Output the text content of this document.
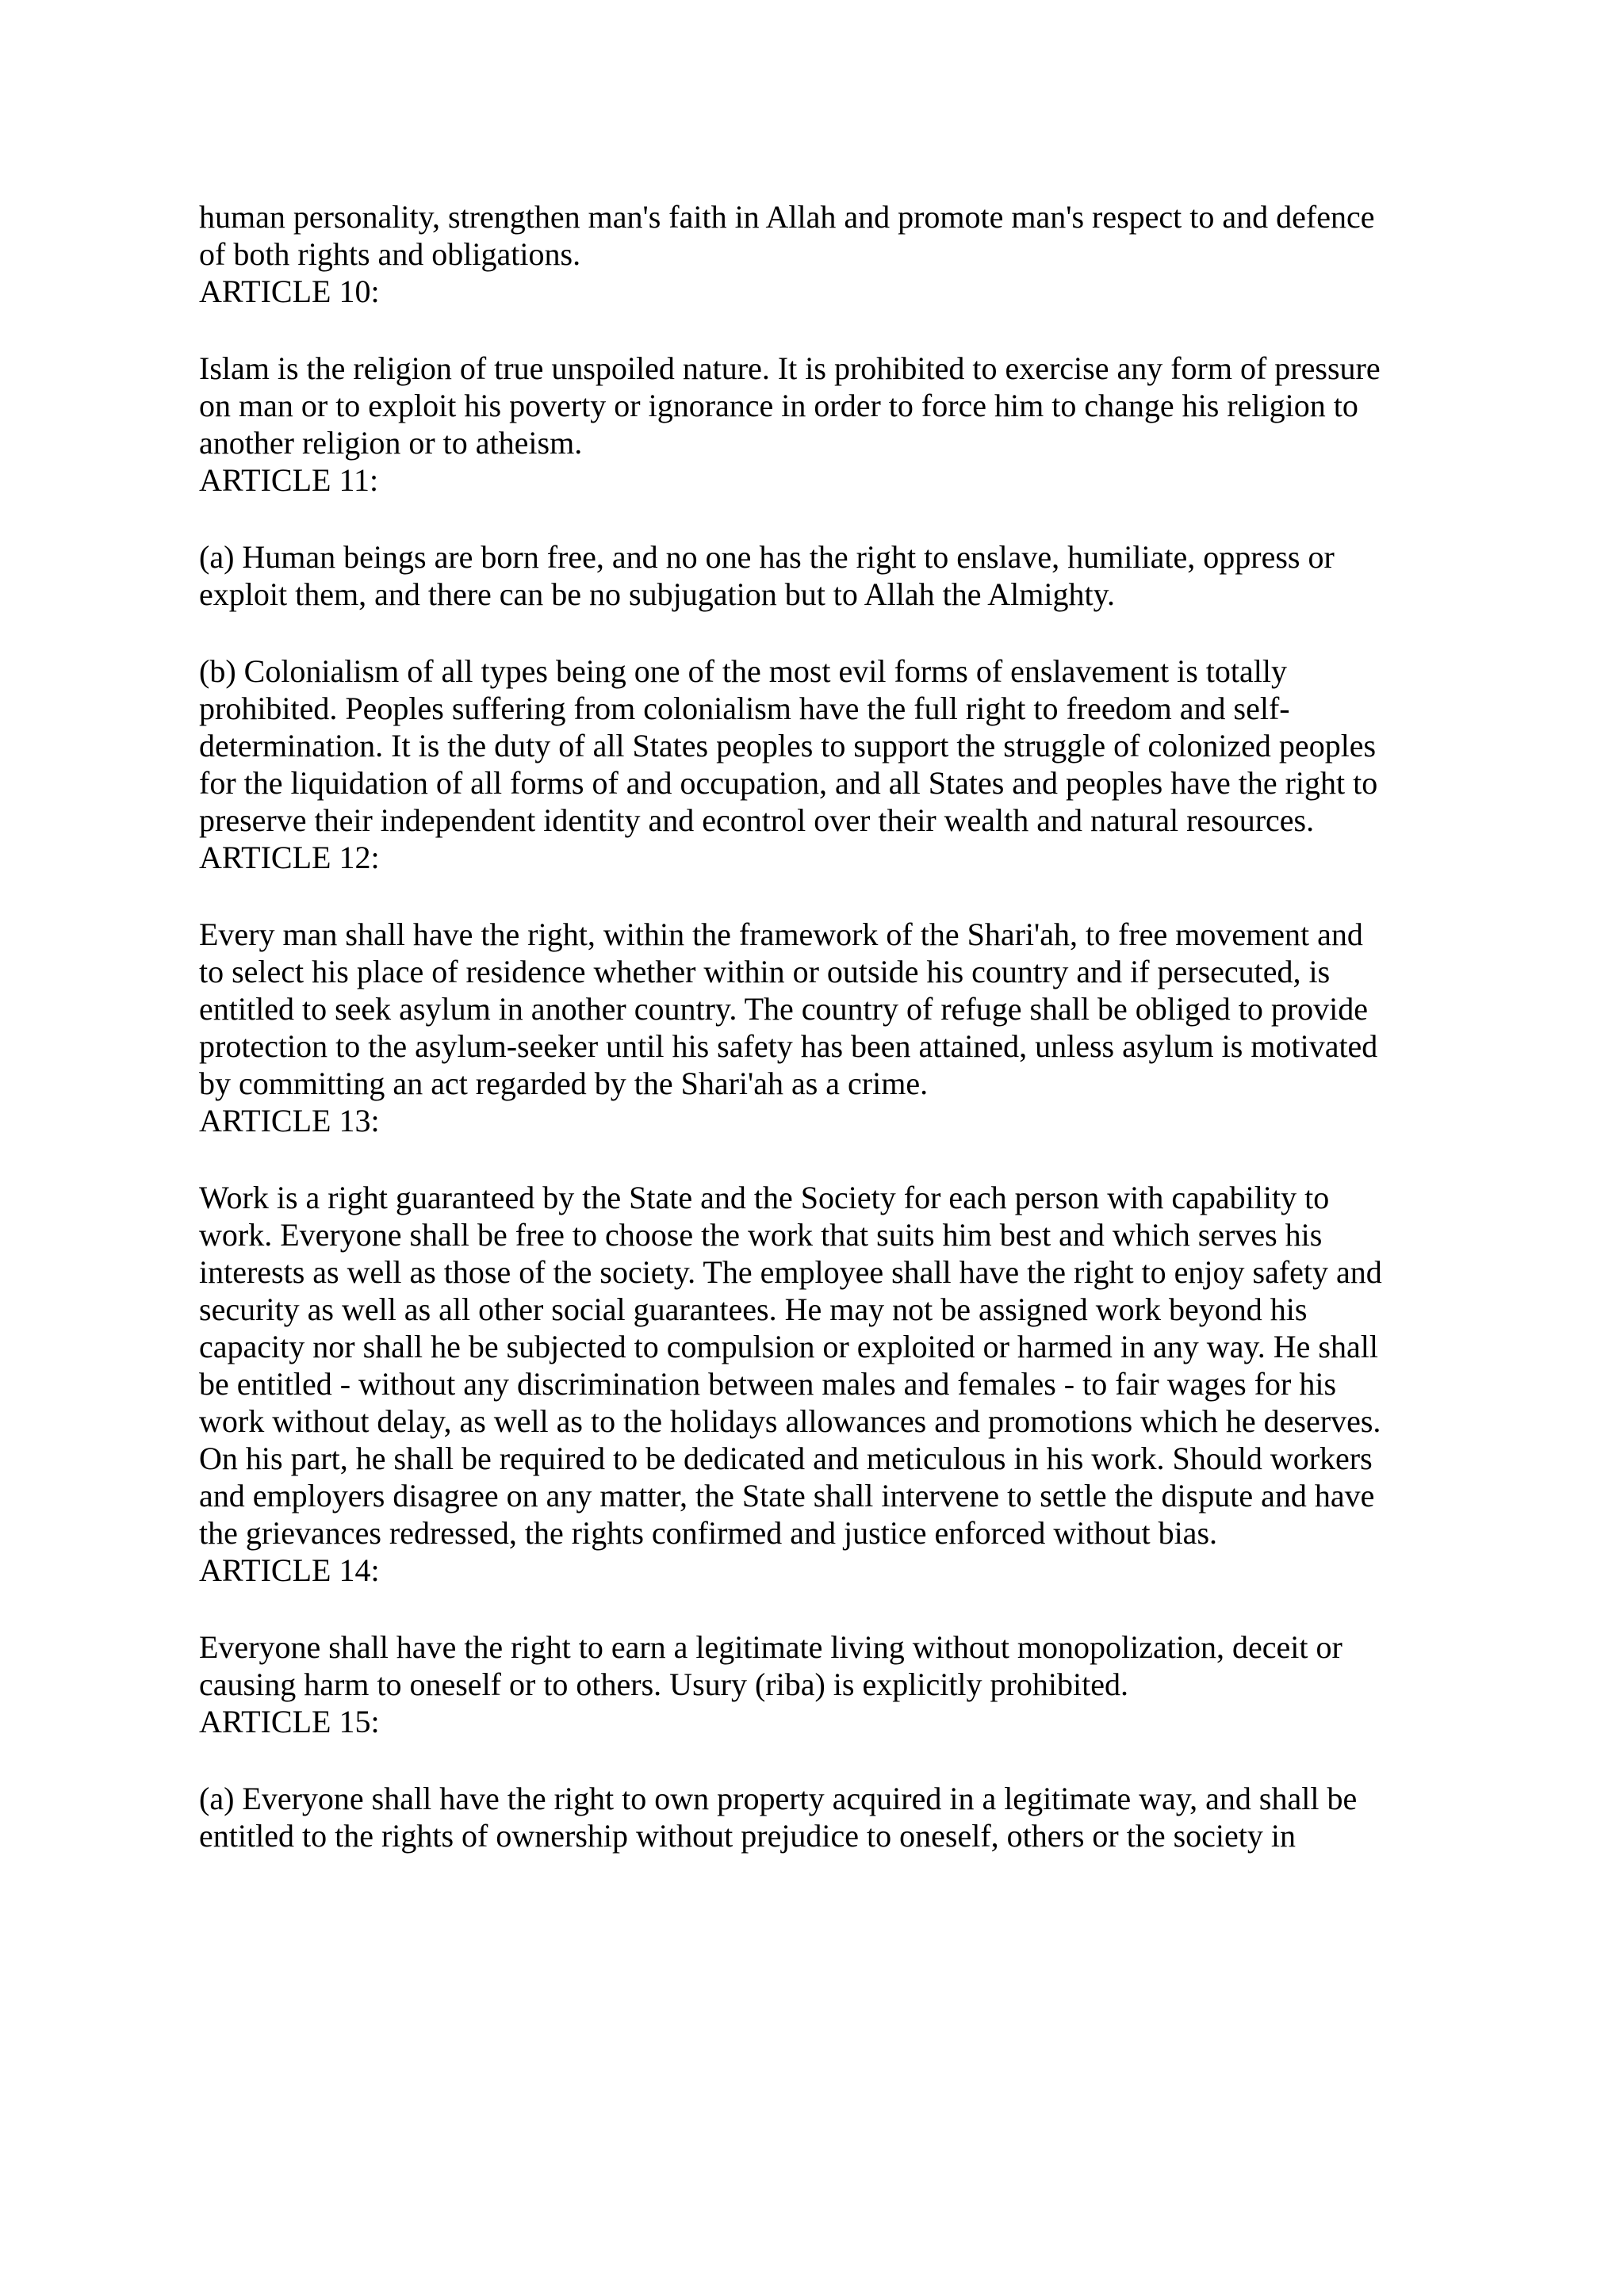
human personality, strengthen man's faith in Allah and promote man's respect to and defence
of both rights and obligations.

ARTICLE 10:

Islam is the religion of true unspoiled nature. It is prohibited to exercise any form of pressure
on man or to exploit his poverty or ignorance in order to force him to change his religion to
another religion or to atheism.

ARTICLE 11:

(a) Human beings are born free, and no one has the right to enslave, humiliate, oppress or
exploit them, and there can be no subjugation but to Allah the Almighty.

(b) Colonialism of all types being one of the most evil forms of enslavement is totally
prohibited. Peoples suffering from colonialism have the full right to freedom and self-
determination. It is the duty of all States peoples to support the struggle of colonized peoples
for the liquidation of all forms of and occupation, and all States and peoples have the right to
preserve their independent identity and econtrol over their wealth and natural resources.

ARTICLE 12:

Every man shall have the right, within the framework of the Shari'ah, to free movement and
to select his place of residence whether within or outside his country and if persecuted, is
entitled to seek asylum in another country. The country of refuge shall be obliged to provide
protection to the asylum-seeker until his safety has been attained, unless asylum is motivated
by committing an act regarded by the Shari'ah as a crime.

ARTICLE 13:

Work is a right guaranteed by the State and the Society for each person with capability to
work. Everyone shall be free to choose the work that suits him best and which serves his
interests as well as those of the society. The employee shall have the right to enjoy safety and
security as well as all other social guarantees. He may not be assigned work beyond his
capacity nor shall he be subjected to compulsion or exploited or harmed in any way. He shall
be entitled - without any discrimination between males and females - to fair wages for his
work without delay, as well as to the holidays allowances and promotions which he deserves.
On his part, he shall be required to be dedicated and meticulous in his work. Should workers
and employers disagree on any matter, the State shall intervene to settle the dispute and have
the grievances redressed, the rights confirmed and justice enforced without bias.

ARTICLE 14:

Everyone shall have the right to earn a legitimate living without monopolization, deceit or
causing harm to oneself or to others. Usury (riba) is explicitly prohibited.

ARTICLE 15:

(a) Everyone shall have the right to own property acquired in a legitimate way, and shall be
entitled to the rights of ownership without prejudice to oneself, others or the society in
